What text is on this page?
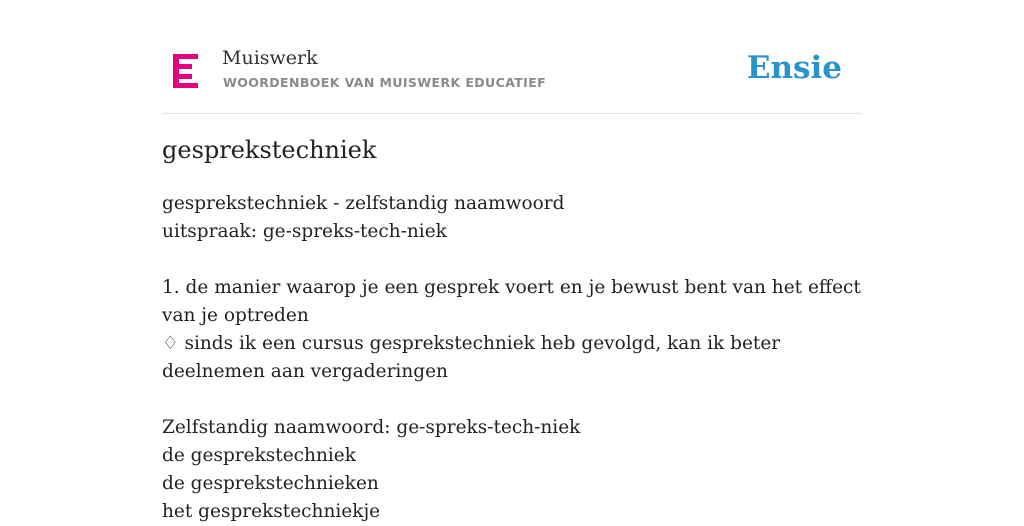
Muiswerk
WOORDENBOEK VAN MUISWERK EDUCATIEF	Ensie
gesprekstechniek

gesprekstechniek - zelfstandig naamwoord

uitspraak: ge-spreks-tech-niek

1. de manier waarop je een gesprek voert en je bewust bent van het effect van je optreden

♢ sinds ik een cursus gesprekstechniek heb gevolgd, kan ik beter deelnemen aan vergaderingen

Zelfstandig naamwoord: ge-spreks-tech-niek

de gesprekstechniek

de gesprekstechnieken

het gesprekstechniekje
